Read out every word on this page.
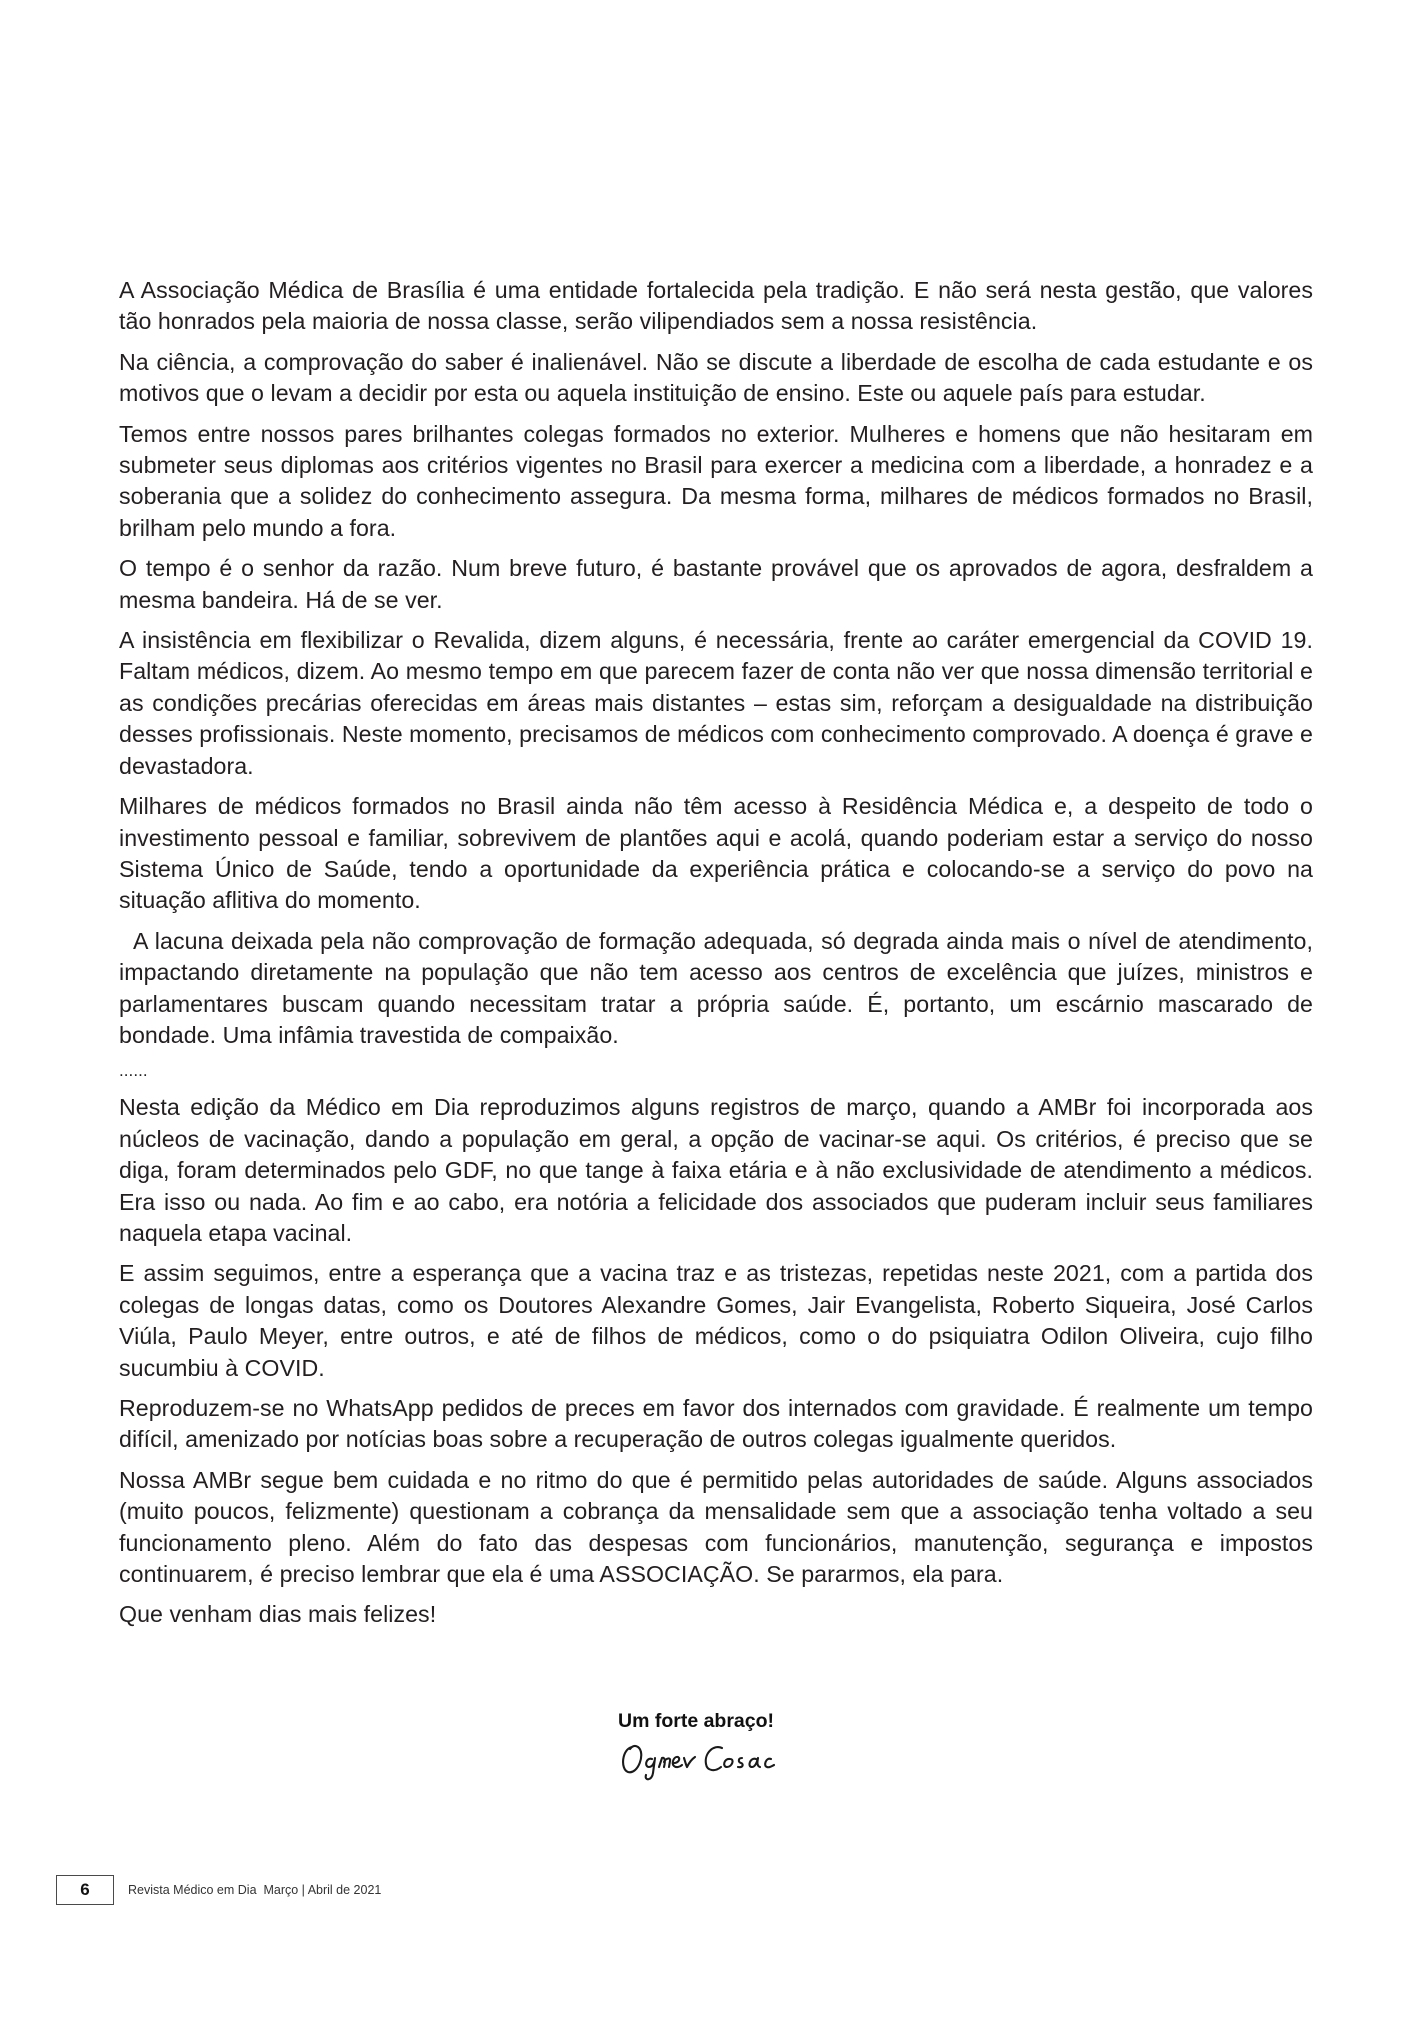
A Associação Médica de Brasília é uma entidade fortalecida pela tradição. E não será nesta gestão, que valores tão honrados pela maioria de nossa classe, serão vilipendiados sem a nossa resistência.

Na ciência, a comprovação do saber é inalienável. Não se discute a liberdade de escolha de cada estudante e os motivos que o levam a decidir por esta ou aquela instituição de ensino. Este ou aquele país para estudar.

Temos entre nossos pares brilhantes colegas formados no exterior. Mulheres e homens que não hesitaram em submeter seus diplomas aos critérios vigentes no Brasil para exercer a medicina com a liberdade, a honradez e a soberania que a solidez do conhecimento assegura. Da mesma forma, milhares de médicos formados no Brasil, brilham pelo mundo a fora.

O tempo é o senhor da razão. Num breve futuro, é bastante provável que os aprovados de agora, desfraldem a mesma bandeira. Há de se ver.

A insistência em flexibilizar o Revalida, dizem alguns, é necessária, frente ao caráter emergencial da COVID 19. Faltam médicos, dizem. Ao mesmo tempo em que parecem fazer de conta não ver que nossa dimensão territorial e as condições precárias oferecidas em áreas mais distantes – estas sim, reforçam a desigualdade na distribuição desses profissionais. Neste momento, precisamos de médicos com conhecimento comprovado. A doença é grave e devastadora.

Milhares de médicos formados no Brasil ainda não têm acesso à Residência Médica e, a despeito de todo o investimento pessoal e familiar, sobrevivem de plantões aqui e acolá, quando poderiam estar a serviço do nosso Sistema Único de Saúde, tendo a oportunidade da experiência prática e colocando-se a serviço do povo na situação aflitiva do momento.

A lacuna deixada pela não comprovação de formação adequada, só degrada ainda mais o nível de atendimento, impactando diretamente na população que não tem acesso aos centros de excelência que juízes, ministros e parlamentares buscam quando necessitam tratar a própria saúde. É, portanto, um escárnio mascarado de bondade. Uma infâmia travestida de compaixão.

......

Nesta edição da Médico em Dia reproduzimos alguns registros de março, quando a AMBr foi incorporada aos núcleos de vacinação, dando a população em geral, a opção de vacinar-se aqui. Os critérios, é preciso que se diga, foram determinados pelo GDF, no que tange à faixa etária e à não exclusividade de atendimento a médicos. Era isso ou nada. Ao fim e ao cabo, era notória a felicidade dos associados que puderam incluir seus familiares naquela etapa vacinal.

E assim seguimos, entre a esperança que a vacina traz e as tristezas, repetidas neste 2021, com a partida dos colegas de longas datas, como os Doutores Alexandre Gomes, Jair Evangelista, Roberto Siqueira, José Carlos Viúla, Paulo Meyer, entre outros, e até de filhos de médicos, como o do psiquiatra Odilon Oliveira, cujo filho sucumbiu à COVID.

Reproduzem-se no WhatsApp pedidos de preces em favor dos internados com gravidade. É realmente um tempo difícil, amenizado por notícias boas sobre a recuperação de outros colegas igualmente queridos.

Nossa AMBr segue bem cuidada e no ritmo do que é permitido pelas autoridades de saúde. Alguns associados (muito poucos, felizmente) questionam a cobrança da mensalidade sem que a associação tenha voltado a seu funcionamento pleno. Além do fato das despesas com funcionários, manutenção, segurança e impostos continuarem, é preciso lembrar que ela é uma ASSOCIAÇÃO. Se pararmos, ela para.

Que venham dias mais felizes!

Um forte abraço!

6	Revista Médico em Dia  Março | Abril de 2021
